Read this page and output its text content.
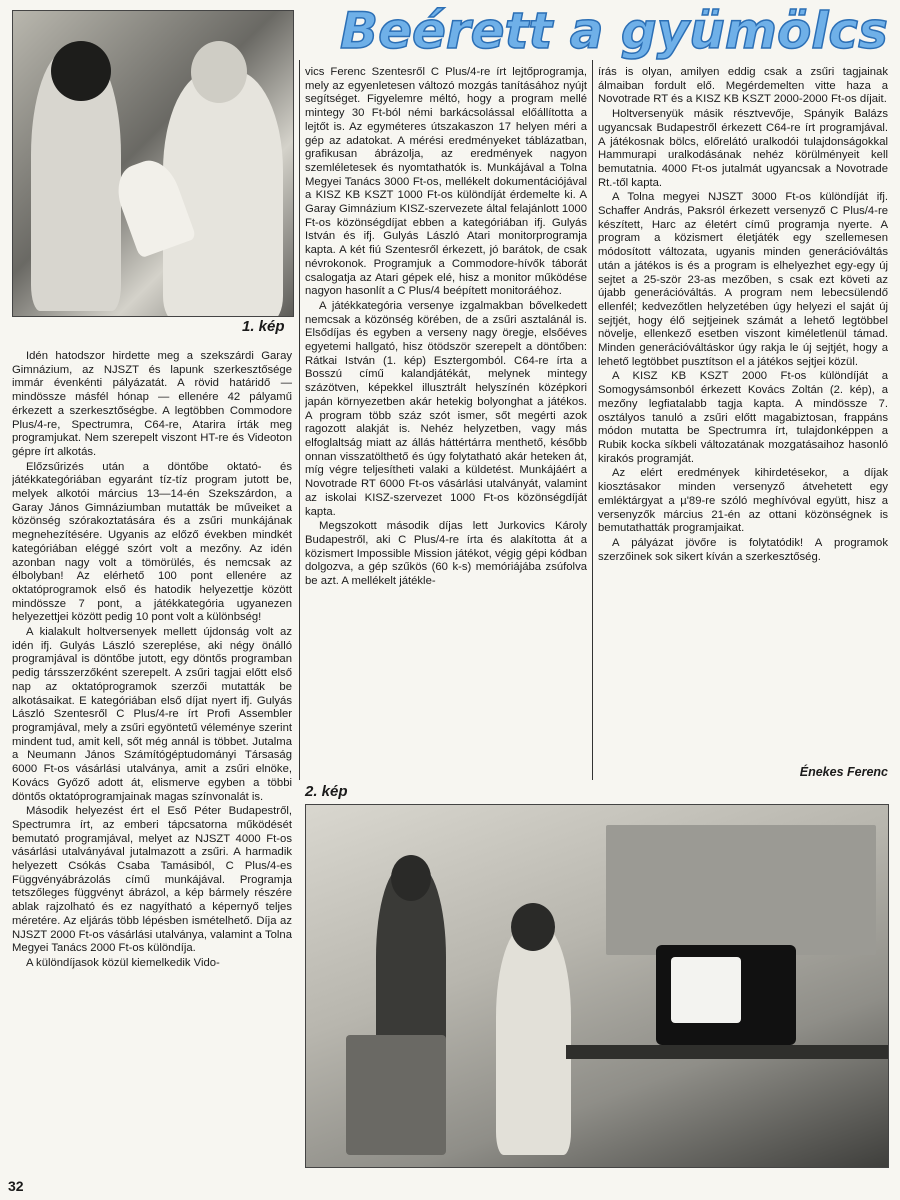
Beérett a gyümölcs
1. kép

Idén hatodszor hirdette meg a szekszárdi Garay Gimnázium, az NJSZT és lapunk szerkesztősége immár évenkénti pályázatát. A rövid határidő — mindössze másfél hónap — ellenére 42 pályamű érkezett a szerkesztőségbe. A legtöbben Commodore Plus/4-re, Spectrumra, C64-re, Atarira írták meg programjukat. Nem szerepelt viszont HT-re és Videoton gépre írt alkotás.

Előzsűrizés után a döntőbe oktató- és játékkategóriában egyaránt tíz-tíz program jutott be, melyek alkotói március 13—14-én Szekszárdon, a Garay János Gimnáziumban mutatták be műveiket a közönség szórakoztatására és a zsűri munkájának megnehezítésére. Ugyanis az előző években mindkét kategóriában eléggé szórt volt a mezőny. Az idén azonban nagy volt a tömörülés, és nemcsak az élbolyban! Az elérhető 100 pont ellenére az oktatóprogramok első és hatodik helyezettje között mindössze 7 pont, a játékkategória ugyanezen helyezettjei között pedig 10 pont volt a különbség!

A kialakult holtversenyek mellett újdonság volt az idén ifj. Gulyás László szereplése, aki négy önálló programjával is döntőbe jutott, egy döntős programban pedig társszerzőként szerepelt. A zsűri tagjai előtt első nap az oktatóprogramok szerzői mutatták be alkotásaikat. E kategóriában első díjat nyert ifj. Gulyás László Szentesről C Plus/4-re írt Profi Assembler programjával, mely a zsűri egyöntetű véleménye szerint mindent tud, amit kell, sőt még annál is többet. Jutalma a Neumann János Számítógéptudományi Társaság 6000 Ft-os vásárlási utalványa, amit a zsűri elnöke, Kovács Győző adott át, elismerve egyben a többi döntős oktatóprogramjainak magas színvonalát is.

Második helyezést ért el Eső Péter Budapestről, Spectrumra írt, az emberi tápcsatorna működését bemutató programjával, melyet az NJSZT 4000 Ft-os vásárlási utalványával jutalmazott a zsűri. A harmadik helyezett Csókás Csaba Tamásiból, C Plus/4-es Függvényábrázolás című munkájával. Programja tetszőleges függvényt ábrázol, a kép bármely részére ablak rajzolható és ez nagyítható a képernyő teljes méretére. Az eljárás több lépésben ismételhető. Díja az NJSZT 2000 Ft-os vásárlási utalványa, valamint a Tolna Megyei Tanács 2000 Ft-os különdíja.

A különdíjasok közül kiemelkedik Vido-

vics Ferenc Szentesről C Plus/4-re írt lejtőprogramja, mely az egyenletesen változó mozgás tanításához nyújt segítséget. Figyelemre méltó, hogy a program mellé mintegy 30 Ft-ból némi barkácsolással előállította a lejtőt is. Az egyméteres útszakaszon 17 helyen méri a gép az adatokat. A mérési eredményeket táblázatban, grafikusan ábrázolja, az eredmények nagyon szemléletesek és nyomtathatók is. Munkájával a Tolna Megyei Tanács 3000 Ft-os, mellékelt dokumentációjával a KISZ KB KSZT 1000 Ft-os különdíját érdemelte ki. A Garay Gimnázium KISZ-szervezete által felajánlott 1000 Ft-os közönségdíjat ebben a kategóriában ifj. Gulyás István és ifj. Gulyás László Atari monitorprogramja kapta. A két fiú Szentesről érkezett, jó barátok, de csak névrokonok. Programjuk a Commodore-hívők táborát csalogatja az Atari gépek elé, hisz a monitor működése nagyon hasonlít a C Plus/4 beépített monitoráéhoz.

A játékkategória versenye izgalmakban bővelkedett nemcsak a közönség körében, de a zsűri asztalánál is. Elsődíjas és egyben a verseny nagy öregje, elsőéves egyetemi hallgató, hisz ötödször szerepelt a döntőben: Rátkai István (1. kép) Esztergomból. C64-re írta a Bosszú című kalandjátékát, melynek mintegy százötven, képekkel illusztrált helyszínén középkori japán környezetben akár hetekig bolyonghat a játékos. A program több száz szót ismer, sőt megérti azok ragozott alakját is. Nehéz helyzetben, vagy más elfoglaltság miatt az állás háttértárra menthető, később onnan visszatölthető és úgy folytatható akár heteken át, míg végre teljesítheti valaki a küldetést. Munkájáért a Novotrade RT 6000 Ft-os vásárlási utalványát, valamint az iskolai KISZ-szervezet 1000 Ft-os közönségdíját kapta.

Megszokott második díjas lett Jurkovics Károly Budapestről, aki C Plus/4-re írta és alakította át a közismert Impossible Mission játékot, végig gépi kódban dolgozva, a gép szűkös (60 k-s) memóriájába zsúfolva be azt. A mellékelt játékle-

írás is olyan, amilyen eddig csak a zsűri tagjainak álmaiban fordult elő. Megérdemelten vitte haza a Novotrade RT és a KISZ KB KSZT 2000-2000 Ft-os díjait.

Holtversenyük másik résztvevője, Spányik Balázs ugyancsak Budapestről érkezett C64-re írt programjával. A játékosnak bölcs, előrelátó uralkodói tulajdonságokkal Hammurapi uralkodásának nehéz körülményeit kell bemutatnia. 4000 Ft-os jutalmát ugyancsak a Novotrade Rt.-től kapta.

A Tolna megyei NJSZT 3000 Ft-os különdíját ifj. Schaffer András, Paksról érkezett versenyző C Plus/4-re készített, Harc az életért című programja nyerte. A program a közismert életjáték egy szellemesen módosított változata, ugyanis minden generációváltás után a játékos is és a program is elhelyezhet egy-egy új sejtet a 25-ször 23-as mezőben, s csak ezt követi az újabb generációváltás. A program nem lebecsülendő ellenfél; kedvezőtlen helyzetében úgy helyezi el saját új sejtjét, hogy élő sejtjeinek számát a lehető legtöbbel növelje, ellenkező esetben viszont kiméletlenül támad. Minden generációváltáskor úgy rakja le új sejtjét, hogy a lehető legtöbbet pusztítson el a játékos sejtjei közül.

A KISZ KB KSZT 2000 Ft-os különdíját a Somogysámsonból érkezett Kovács Zoltán (2. kép), a mezőny legfiatalabb tagja kapta. A mindössze 7. osztályos tanuló a zsűri előtt magabiztosan, frappáns módon mutatta be Spectrumra írt, tulajdonképpen a Rubik kocka síkbeli változatának mozgatásaihoz hasonló kirakós programját.

Az elért eredmények kihirdetésekor, a díjak kiosztásakor minden versenyző átvehetett egy emléktárgyat a µ'89-re szóló meghívóval együtt, hisz a versenyzők március 21-én az ottani közönségnek is bemutathatták programjaikat.

A pályázat jövőre is folytatódik! A programok szerzőinek sok sikert kíván a szerkesztőség.

Énekes Ferenc
2. kép
32
